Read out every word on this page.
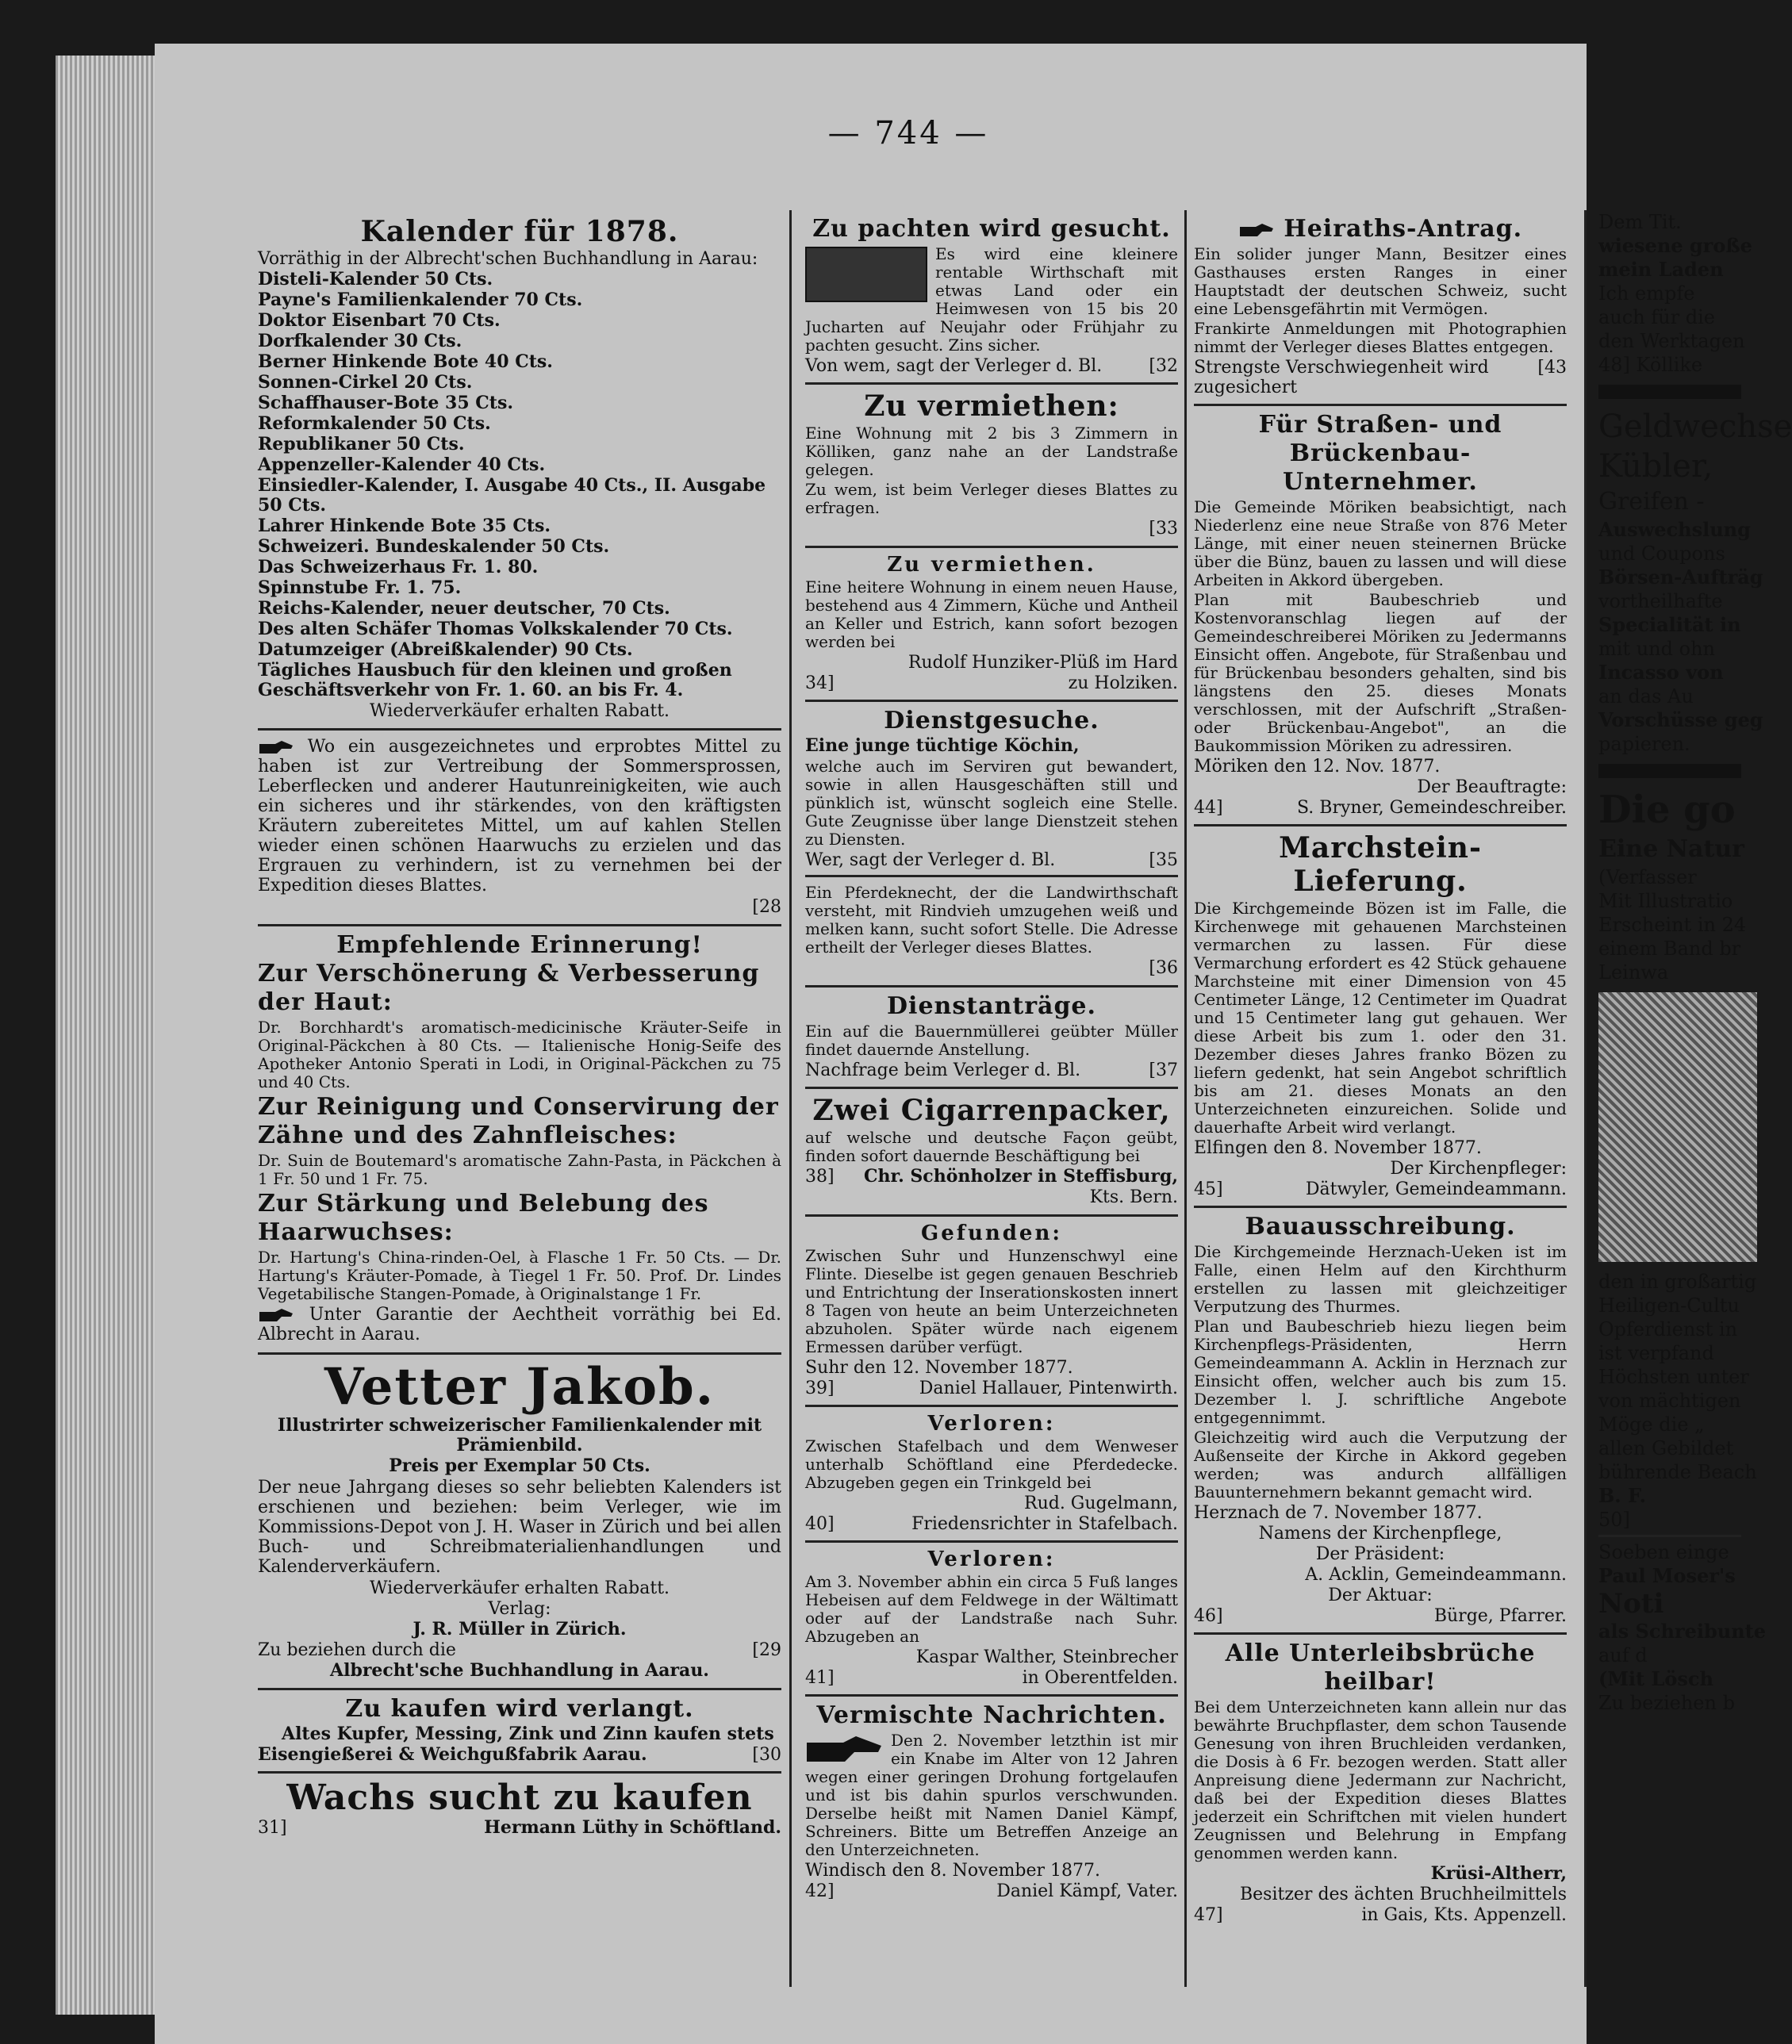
— 744 —
Kalender für 1878.
Vorräthig in der Albrecht'schen Buchhandlung in Aarau:
Distelі-Kalender 50 Cts.
Payne's Familienkalender 70 Cts.
Doktor Eisenbart 70 Cts.
Dorfkalender 30 Cts.
Berner Hinkende Bote 40 Cts.
Sonnen-Cirkel 20 Cts.
Schaffhauser-Bote 35 Cts.
Reformkalender 50 Cts.
Republikaner 50 Cts.
Appenzeller-Kalender 40 Cts.
Einsiedler-Kalender, I. Ausgabe 40 Cts., II. Ausgabe 50 Cts.
Lahrer Hinkende Bote 35 Cts.
Schweizeri. Bundeskalender 50 Cts.
Das Schweizerhaus Fr. 1. 80.
Spinnstube Fr. 1. 75.
Reichs-Kalender, neuer deutscher, 70 Cts.
Des alten Schäfer Thomas Volkskalender 70 Cts.
Datumzeiger (Abreißkalender) 90 Cts.
Tägliches Hausbuch für den kleinen und großen Geschäftsverkehr von Fr. 1. 60. an bis Fr. 4.
Wiederverkäufer erhalten Rabatt.
Wo ein ausgezeichnetes und erprobtes Mittel zu haben ist zur Vertreibung der Sommersprossen, Leberflecken und anderer Hautunreinigkeiten, wie auch ein sicheres und ihr stärkendes, von den kräftigsten Kräutern zubereitetes Mittel, um auf kahlen Stellen wieder einen schönen Haarwuchs zu erzielen und das Ergrauen zu verhindern, ist zu vernehmen bei der Expedition dieses Blattes.
[28
Empfehlende Erinnerung!
Zur Verschönerung & Verbesserung der Haut:
Dr. Borchhardt's aromatisch-medicinische Kräuter-Seife in Original-Päckchen à 80 Cts. — Italienische Honig-Seife des Apotheker Antonio Sperati in Lodi, in Original-Päckchen zu 75 und 40 Cts.
Zur Reinigung und Conservirung der Zähne und des Zahnfleisches:
Dr. Suin de Boutemard's aromatische Zahn-Pasta, in Päckchen à 1 Fr. 50 und 1 Fr. 75.
Zur Stärkung und Belebung des Haarwuchses:
Dr. Hartung's China-rinden-Oel, à Flasche 1 Fr. 50 Cts. — Dr. Hartung's Kräuter-Pomade, à Tiegel 1 Fr. 50. Prof. Dr. Lindes Vegetabilische Stangen-Pomade, à Originalstange 1 Fr.
Unter Garantie der Aechtheit vorräthig bei Ed. Albrecht in Aarau.
Vetter Jakob.
Illustrirter schweizerischer Familienkalender mit Prämienbild.
Preis per Exemplar 50 Cts.
Der neue Jahrgang dieses so sehr beliebten Kalenders ist erschienen und beziehen: beim Verleger, wie im Kommissions-Depot von J. H. Waser in Zürich und bei allen Buch- und Schreibmaterialienhandlungen und Kalenderverkäufern.
Wiederverkäufer erhalten Rabatt.
Verlag:
J. R. Müller in Zürich.
Zu beziehen durch die	[29
Albrecht'sche Buchhandlung in Aarau.
Zu kaufen wird verlangt.
Altes Kupfer, Messing, Zink und Zinn kaufen stets
Eisengießerei & Weichgußfabrik Aarau.	[30
Wachs sucht zu kaufen
31]	Hermann Lüthy in Schöftland.
Zu pachten wird gesucht.
Es wird eine kleinere rentable Wirthschaft mit etwas Land oder ein Heimwesen von 15 bis 20 Jucharten auf Neujahr oder Frühjahr zu pachten gesucht. Zins sicher.
Von wem, sagt der Verleger d. Bl.	[32
Zu vermiethen:
Eine Wohnung mit 2 bis 3 Zimmern in Kölliken, ganz nahe an der Landstraße gelegen.
Zu wem, ist beim Verleger dieses Blattes zu erfragen.
[33
Zu vermiethen.
Eine heitere Wohnung in einem neuen Hause, bestehend aus 4 Zimmern, Küche und Antheil an Keller und Estrich, kann sofort bezogen werden bei
Rudolf Hunziker-Plüß im Hard
34]	zu Holziken.
Dienstgesuche.
Eine junge tüchtige Köchin,
welche auch im Serviren gut bewandert, sowie in allen Hausgeschäften still und pünklich ist, wünscht sogleich eine Stelle. Gute Zeugnisse über lange Dienstzeit stehen zu Diensten.
Wer, sagt der Verleger d. Bl.	[35
Ein Pferdeknecht, der die Landwirthschaft versteht, mit Rindvieh umzugehen weiß und melken kann, sucht sofort Stelle. Die Adresse ertheilt der Verleger dieses Blattes.
[36
Dienstanträge.
Ein auf die Bauernmüllerei geübter Müller findet dauernde Anstellung.
Nachfrage beim Verleger d. Bl.	[37
Zwei Cigarrenpacker,
auf welsche und deutsche Façon geübt, finden sofort dauernde Beschäftigung bei
38] Chr. Schönholzer in Steffisburg,
Kts. Bern.
Gefunden:
Zwischen Suhr und Hunzenschwyl eine Flinte. Dieselbe ist gegen genauen Beschrieb und Entrichtung der Inserationskosten innert 8 Tagen von heute an beim Unterzeichneten abzuholen. Später würde nach eigenem Ermessen darüber verfügt.
Suhr den 12. November 1877.
39]	Daniel Hallauer, Pintenwirth.
Verloren:
Zwischen Stafelbach und dem Wenweser unterhalb Schöftland eine Pferdedecke. Abzugeben gegen ein Trinkgeld bei
Rud. Gugelmann,
40]	Friedensrichter in Stafelbach.
Verloren:
Am 3. November abhin ein circa 5 Fuß langes Hebeisen auf dem Feldwege in der Wältimatt oder auf der Landstraße nach Suhr. Abzugeben an
Kaspar Walther, Steinbrecher
41]	in Oberentfelden.
Vermischte Nachrichten.
Den 2. November letzthin ist mir ein Knabe im Alter von 12 Jahren wegen einer geringen Drohung fortgelaufen und ist bis dahin spurlos verschwunden. Derselbe heißt mit Namen Daniel Kämpf, Schreiners. Bitte um Betreffen Anzeige an den Unterzeichneten.
Windisch den 8. November 1877.
42]	Daniel Kämpf, Vater.
Heiraths-Antrag.
Ein solider junger Mann, Besitzer eines Gasthauses ersten Ranges in einer Hauptstadt der deutschen Schweiz, sucht eine Lebensgefährtin mit Vermögen.
Frankirte Anmeldungen mit Photographien nimmt der Verleger dieses Blattes entgegen.
Strengste Verschwiegenheit wird zugesichert
[43
Für Straßen- und Brückenbau-Unternehmer.
Die Gemeinde Möriken beabsichtigt, nach Niederlenz eine neue Straße von 876 Meter Länge, mit einer neuen steinernen Brücke über die Bünz, bauen zu lassen und will diese Arbeiten in Akkord übergeben.
Plan mit Baubeschrieb und Kostenvoranschlag liegen auf der Gemeindeschreiberei Möriken zu Jedermanns Einsicht offen. Angebote, für Straßenbau und für Brückenbau besonders gehalten, sind bis längstens den 25. dieses Monats verschlossen, mit der Aufschrift „Straßen- oder Brückenbau-Angebot", an die Baukommission Möriken zu adressiren.
Möriken den 12. Nov. 1877.
Der Beauftragte:
44]	S. Bryner, Gemeindeschreiber.
Marchstein-Lieferung.
Die Kirchgemeinde Bözen ist im Falle, die Kirchenwege mit gehauenen Marchsteinen vermarchen zu lassen. Für diese Vermarchung erfordert es 42 Stück gehauene Marchsteine mit einer Dimension von 45 Centimeter Länge, 12 Centimeter im Quadrat und 15 Centimeter lang gut gehauen. Wer diese Arbeit bis zum 1. oder den 31. Dezember dieses Jahres franko Bözen zu liefern gedenkt, hat sein Angebot schriftlich bis am 21. dieses Monats an den Unterzeichneten einzureichen. Solide und dauerhafte Arbeit wird verlangt.
Elfingen den 8. November 1877.
Der Kirchenpfleger:
45]	Dätwyler, Gemeindeammann.
Bauausschreibung.
Die Kirchgemeinde Herznach-Ueken ist im Falle, einen Helm auf den Kirchthurm erstellen zu lassen mit gleichzeitiger Verputzung des Thurmes.
Plan und Baubeschrieb hiezu liegen beim Kirchenpflegs-Präsidenten, Herrn Gemeindeammann A. Acklin in Herznach zur Einsicht offen, welcher auch bis zum 15. Dezember l. J. schriftliche Angebote entgegennimmt.
Gleichzeitig wird auch die Verputzung der Außenseite der Kirche in Akkord gegeben werden; was andurch allfälligen Bauunternehmern bekannt gemacht wird.
Herznach de 7. November 1877.
Namens der Kirchenpflege,
Der Präsident:
A. Acklin, Gemeindeammann.
Der Aktuar:
46]	Bürge, Pfarrer.
Alle Unterleibsbrüche heilbar!
Bei dem Unterzeichneten kann allein nur das bewährte Bruchpflaster, dem schon Tausende Genesung von ihren Bruchleiden verdanken, die Dosis à 6 Fr. bezogen werden. Statt aller Anpreisung diene Jedermann zur Nachricht, daß bei der Expedition dieses Blattes jederzeit ein Schriftchen mit vielen hundert Zeugnissen und Belehrung in Empfang genommen werden kann.
Krüsi-Altherr,
Besitzer des ächten Bruchheilmittels
47]	in Gais, Kts. Appenzell.
Dem Tit.
wiesene große
mein Laden
Ich empfe
auch für die
den Werktagen
48] Köllike
Geldwechse
Kübler,
Greifen -
Auswechslung
und Coupons
Börsen-Aufträg
vortheilhafte
Specialität in
mit und ohn
Incasso von
an das Au
Vorschüsse geg
papieren.
Die go
Eine Natur
(Verfasser
Mit Illustratio
Erscheint in 24
einem Band br
Leinwa
den in großartig
Heiligen-Cultu
Opferdienst in
ist verpfand
Höchsten unter
von mächtigen
Möge die „
allen Gebildet
bührende Beach
B. F.
50]
Soeben einge
Paul Moser's
Noti
als Schreibunte
auf d
(Mit Lösch
Zu beziehen b
